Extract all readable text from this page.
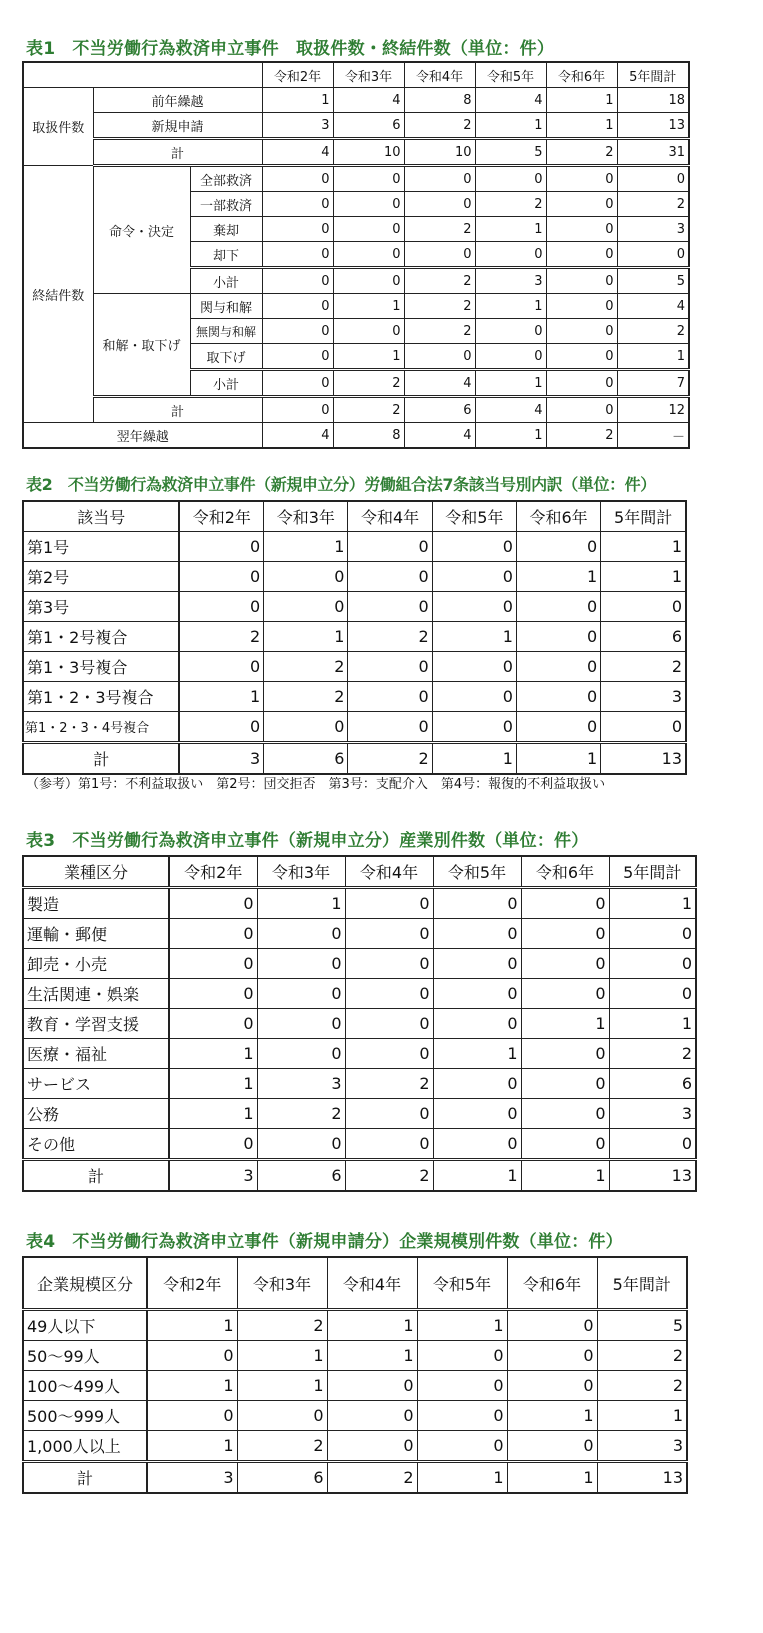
表1　不当労働行為救済申立事件　取扱件数・終結件数（単位：件）
			令和2年	令和3年	令和4年	令和5年	令和6年	5年間計
取扱件数	前年繰越		1	4	8	4	1	18
	新規申請		3	6	2	1	1	13
	計		4	10	10	5	2	31
終結件数	命令・決定	全部救済	0	0	0	0	0	0
		一部救済	0	0	0	2	0	2
		棄却	0	0	2	1	0	3
		却下	0	0	0	0	0	0
		小計	0	0	2	3	0	5
	和解・取下げ	関与和解	0	1	2	1	0	4
		無関与和解	0	0	2	0	0	2
		取下げ	0	1	0	0	0	1
		小計	0	2	4	1	0	7
	計		0	2	6	4	0	12
翌年繰越			4	8	4	1	2	－
表2　不当労働行為救済申立事件（新規申立分）労働組合法7条該当号別内訳（単位：件）
該当号	令和2年	令和3年	令和4年	令和5年	令和6年	5年間計
第1号	0	1	0	0	0	1
第2号	0	0	0	0	1	1
第3号	0	0	0	0	0	0
第1・2号複合	2	1	2	1	0	6
第1・3号複合	0	2	0	0	0	2
第1・2・3号複合	1	2	0	0	0	3
第1・2・3・4号複合	0	0	0	0	0	0
計	3	6	2	1	1	13
（参考）第1号：不利益取扱い　第2号：団交拒否　第3号：支配介入　第4号：報復的不利益取扱い
表3　不当労働行為救済申立事件（新規申立分）産業別件数（単位：件）
業種区分	令和2年	令和3年	令和4年	令和5年	令和6年	5年間計
製造	0	1	0	0	0	1
運輸・郵便	0	0	0	0	0	0
卸売・小売	0	0	0	0	0	0
生活関連・娯楽	0	0	0	0	0	0
教育・学習支援	0	0	0	0	1	1
医療・福祉	1	0	0	1	0	2
サービス	1	3	2	0	0	6
公務	1	2	0	0	0	3
その他	0	0	0	0	0	0
計	3	6	2	1	1	13
表4　不当労働行為救済申立事件（新規申請分）企業規模別件数（単位：件）
企業規模区分	令和2年	令和3年	令和4年	令和5年	令和6年	5年間計
49人以下	1	2	1	1	0	5
50～99人	0	1	1	0	0	2
100～499人	1	1	0	0	0	2
500～999人	0	0	0	0	1	1
1,000人以上	1	2	0	0	0	3
計	3	6	2	1	1	13
